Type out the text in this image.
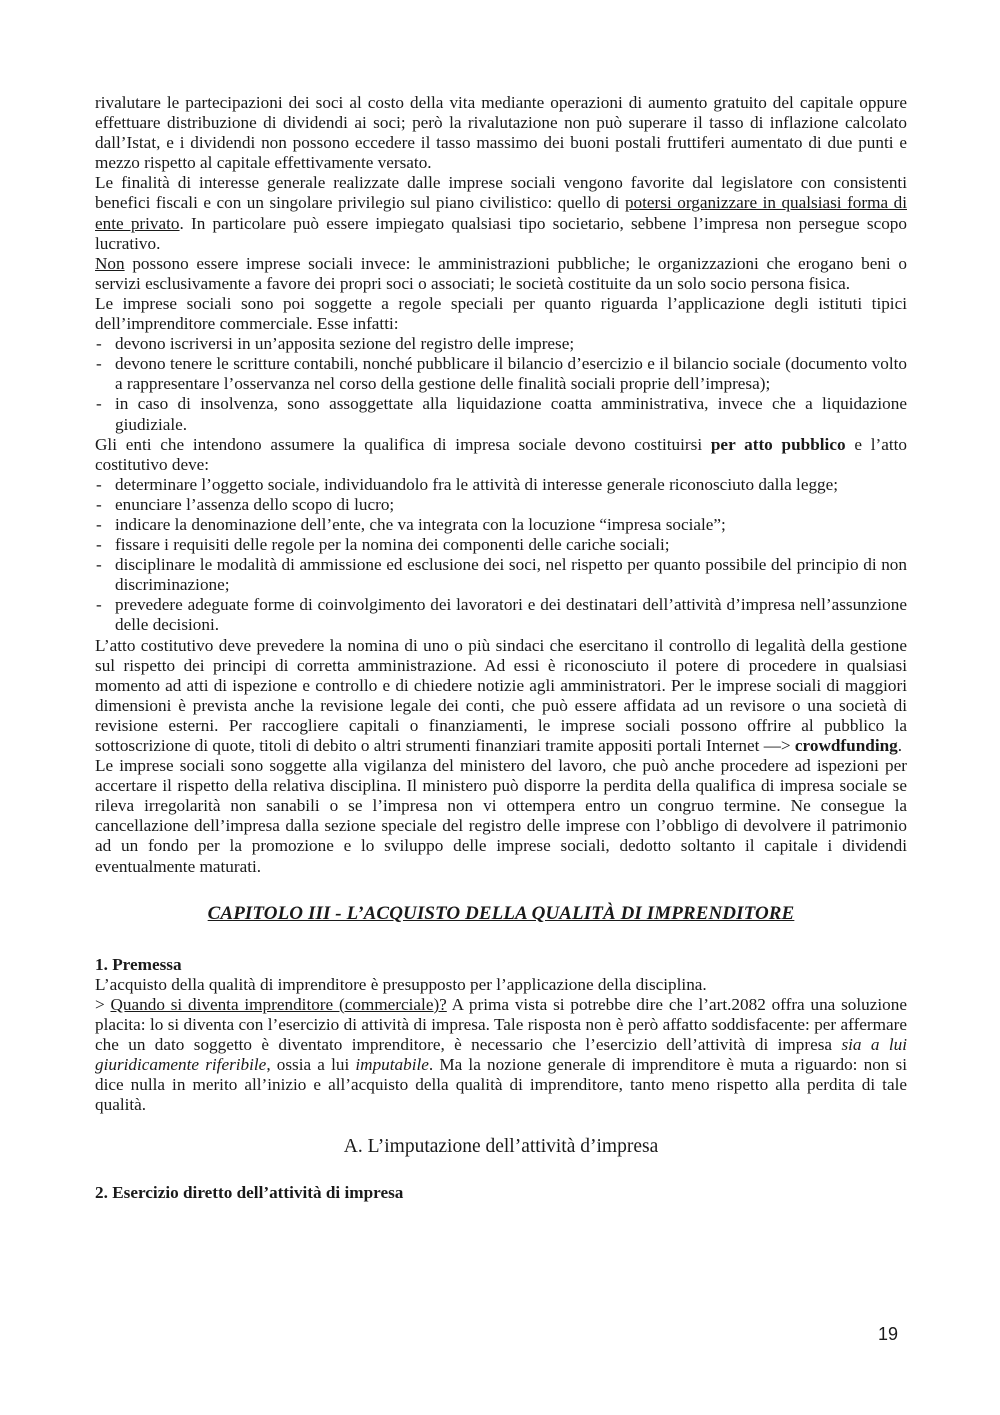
rivalutare le partecipazioni dei soci al costo della vita mediante operazioni di aumento gratuito del capitale oppure effettuare distribuzione di dividendi ai soci; però la rivalutazione non può superare il tasso di inflazione calcolato dall’Istat, e i dividendi non possono eccedere il tasso massimo dei buoni postali fruttiferi aumentato di due punti e mezzo rispetto al capitale effettivamente versato.

Le finalità di interesse generale realizzate dalle imprese sociali vengono favorite dal legislatore con consistenti benefici fiscali e con un singolare privilegio sul piano civilistico: quello di potersi organizzare in qualsiasi forma di ente privato. In particolare può essere impiegato qualsiasi tipo societario, sebbene l’impresa non persegue scopo lucrativo.

Non possono essere imprese sociali invece: le amministrazioni pubbliche; le organizzazioni che erogano beni o servizi esclusivamente a favore dei propri soci o associati; le società costituite da un solo socio persona fisica.

Le imprese sociali sono poi soggette a regole speciali per quanto riguarda l’applicazione degli istituti tipici dell’imprenditore commerciale. Esse infatti:

- devono iscriversi in un’apposita sezione del registro delle imprese;
- devono tenere le scritture contabili, nonché pubblicare il bilancio d’esercizio e il bilancio sociale (documento volto a rappresentare l’osservanza nel corso della gestione delle finalità sociali proprie dell’impresa);
- in caso di insolvenza, sono assoggettate alla liquidazione coatta amministrativa, invece che a liquidazione giudiziale.

Gli enti che intendono assumere la qualifica di impresa sociale devono costituirsi per atto pubblico e l’atto costitutivo deve:

- determinare l’oggetto sociale, individuandolo fra le attività di interesse generale riconosciuto dalla legge;
- enunciare l’assenza dello scopo di lucro;
- indicare la denominazione dell’ente, che va integrata con la locuzione “impresa sociale”;
- fissare i requisiti delle regole per la nomina dei componenti delle cariche sociali;
- disciplinare le modalità di ammissione ed esclusione dei soci, nel rispetto per quanto possibile del principio di non discriminazione;
- prevedere adeguate forme di coinvolgimento dei lavoratori e dei destinatari dell’attività d’impresa nell’assunzione delle decisioni.

L’atto costitutivo deve prevedere la nomina di uno o più sindaci che esercitano il controllo di legalità della gestione sul rispetto dei principi di corretta amministrazione. Ad essi è riconosciuto il potere di procedere in qualsiasi momento ad atti di ispezione e controllo e di chiedere notizie agli amministratori. Per le imprese sociali di maggiori dimensioni è prevista anche la revisione legale dei conti, che può essere affidata ad un revisore o una società di revisione esterni. Per raccogliere capitali o finanziamenti, le imprese sociali possono offrire al pubblico la sottoscrizione di quote, titoli di debito o altri strumenti finanziari tramite appositi portali Internet —> crowdfunding.

Le imprese sociali sono soggette alla vigilanza del ministero del lavoro, che può anche procedere ad ispezioni per accertare il rispetto della relativa disciplina. Il ministero può disporre la perdita della qualifica di impresa sociale se rileva irregolarità non sanabili o se l’impresa non vi ottempera entro un congruo termine. Ne consegue la cancellazione dell’impresa dalla sezione speciale del registro delle imprese con l’obbligo di devolvere il patrimonio ad un fondo per la promozione e lo sviluppo delle imprese sociali, dedotto soltanto il capitale i dividendi eventualmente maturati.

CAPITOLO III - L’ACQUISTO DELLA QUALITÀ DI IMPRENDITORE

1. Premessa

L’acquisto della qualità di imprenditore è presupposto per l’applicazione della disciplina.

> Quando si diventa imprenditore (commerciale)? A prima vista si potrebbe dire che l’art.2082 offra una soluzione placita: lo si diventa con l’esercizio di attività di impresa. Tale risposta non è però affatto soddisfacente: per affermare che un dato soggetto è diventato imprenditore, è necessario che l’esercizio dell’attività di impresa sia a lui giuridicamente riferibile, ossia a lui imputabile. Ma la nozione generale di imprenditore è muta a riguardo: non si dice nulla in merito all’inizio e all’acquisto della qualità di imprenditore, tanto meno rispetto alla perdita di tale qualità.

A. L’imputazione dell’attività d’impresa

2. Esercizio diretto dell’attività di impresa

19
